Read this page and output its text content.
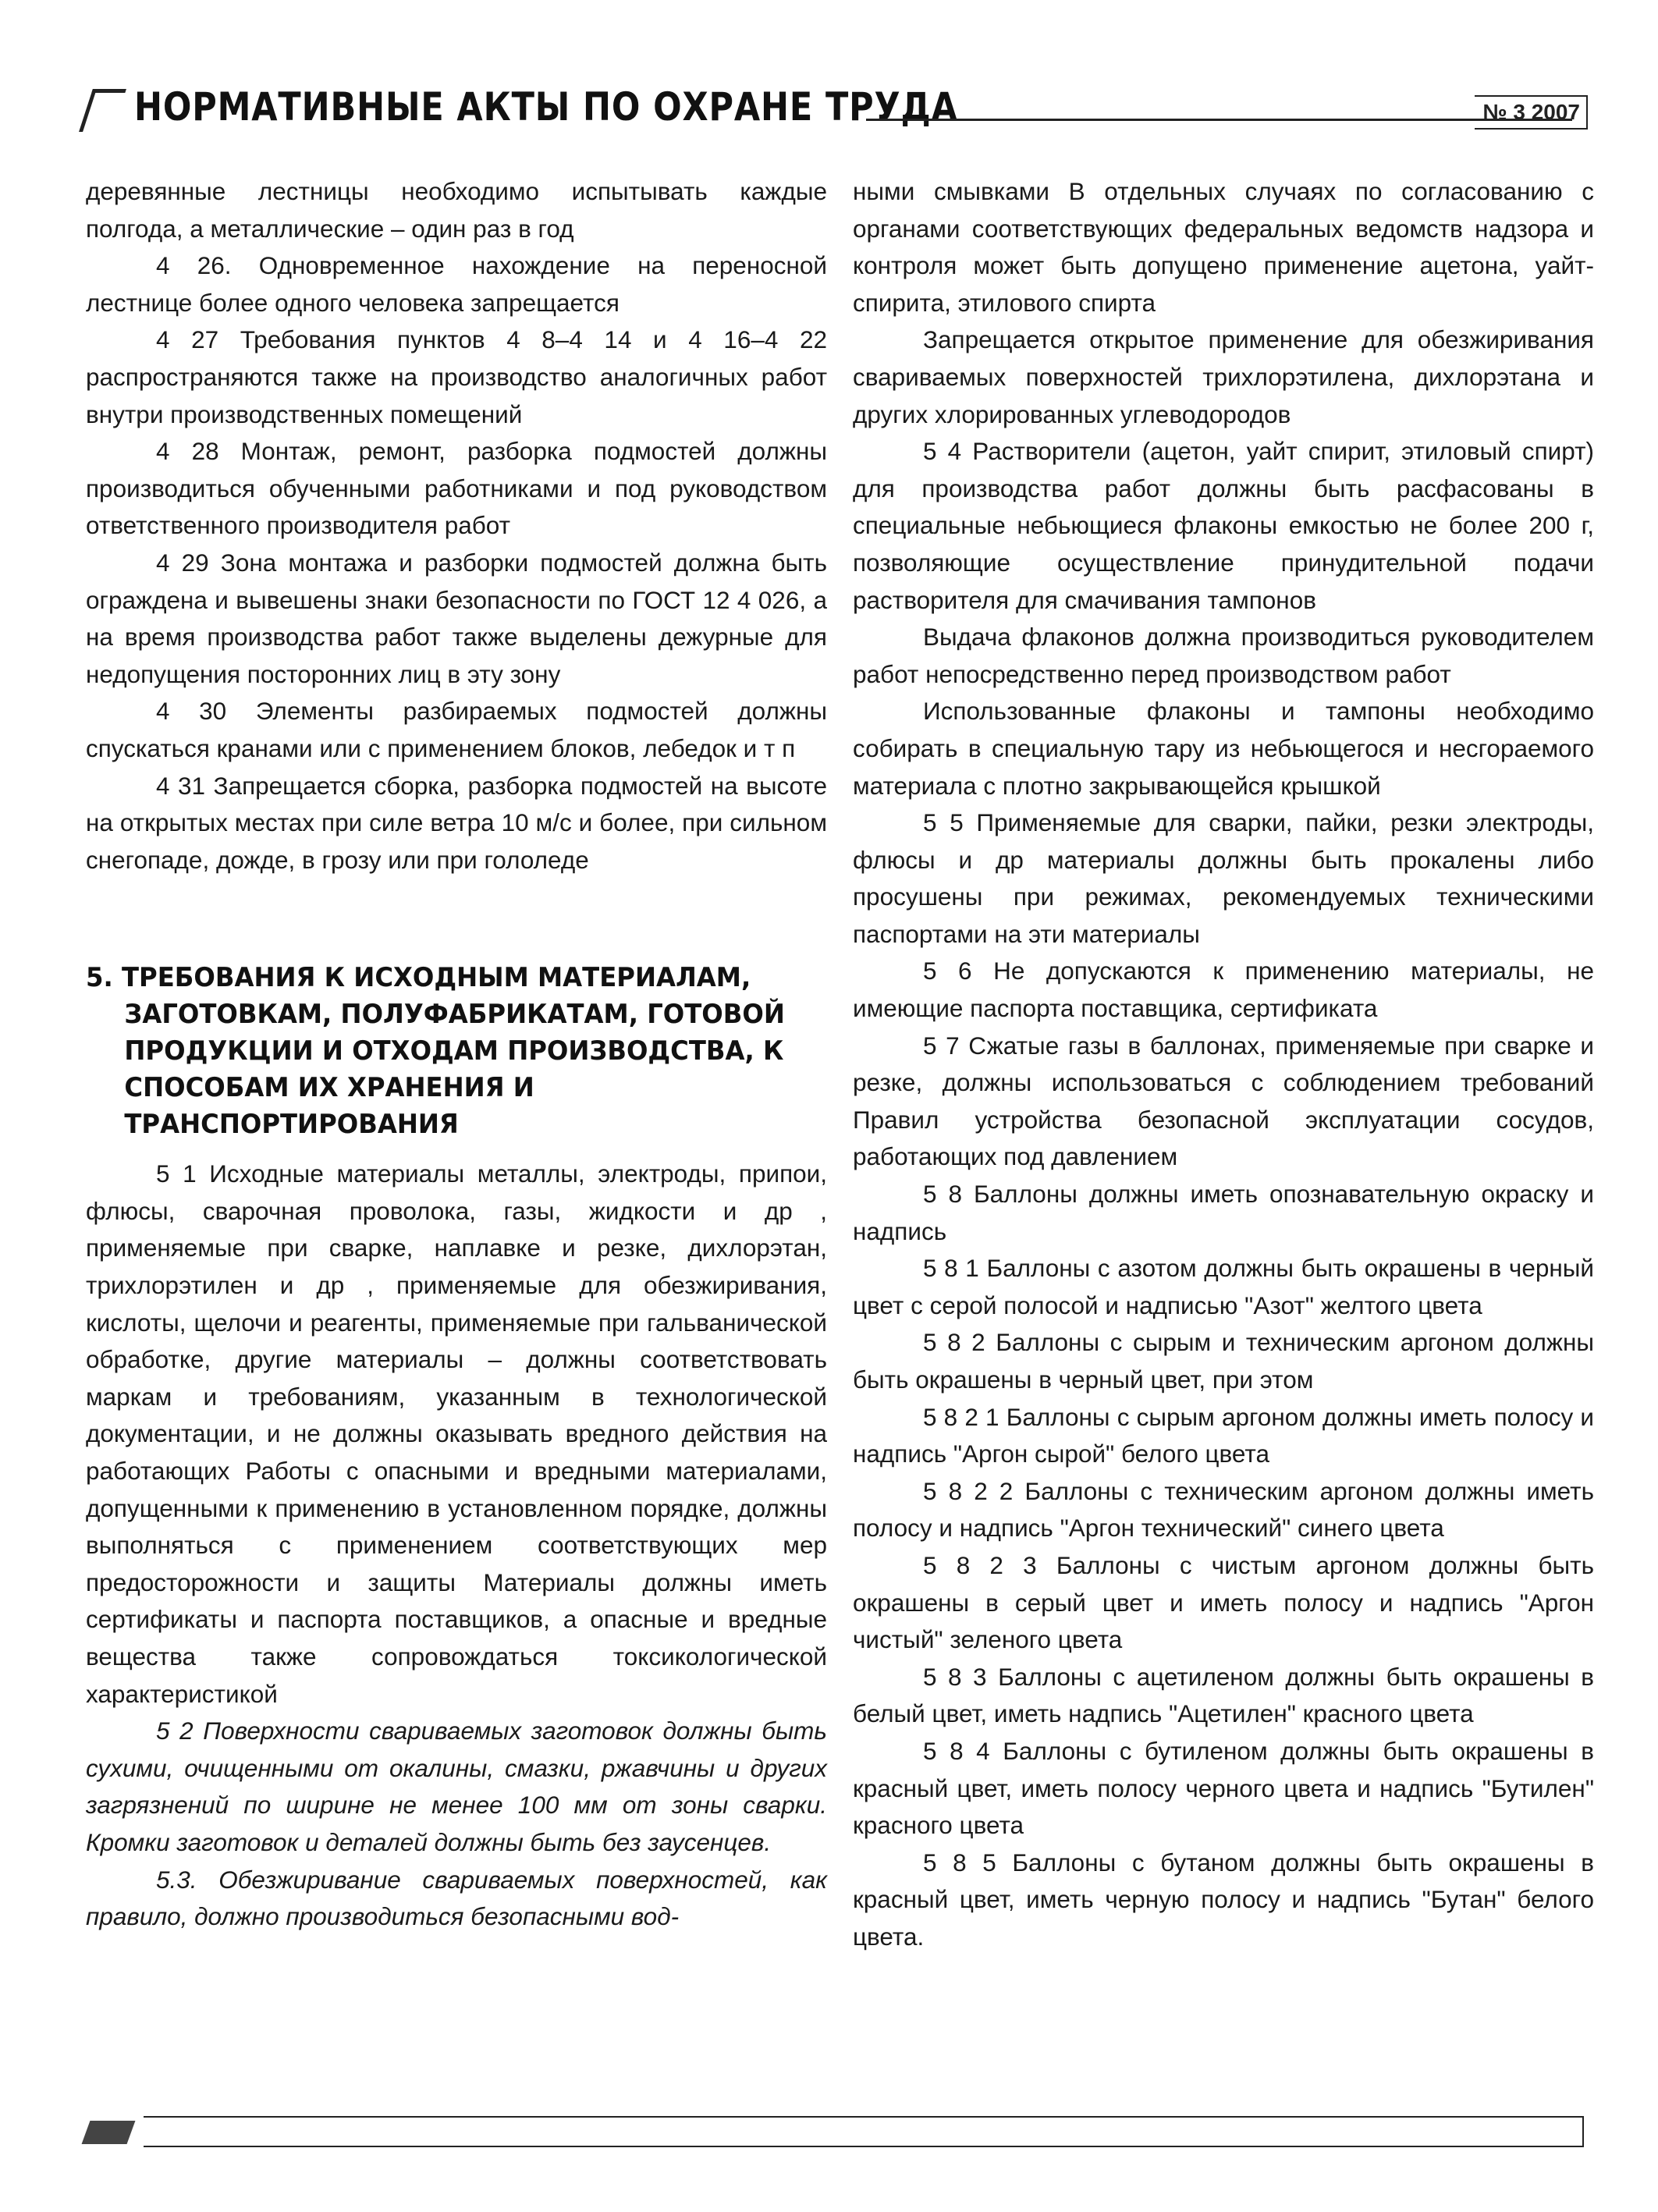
НОРМАТИВНЫЕ АКТЫ ПО ОХРАНЕ ТРУДА	№ 3 2007

деревянные лестницы необходимо испытывать каждые полгода, а металлические – один раз в год

4 26. Одновременное нахождение на переносной лестнице более одного человека запрещается

4 27 Требования пунктов 4 8–4 14 и 4 16–4 22 распространяются также на производство аналогичных работ внутри производственных помещений

4 28 Монтаж, ремонт, разборка подмостей должны производиться обученными работниками и под руководством ответственного производителя работ

4 29 Зона монтажа и разборки подмостей должна быть ограждена и вывешены знаки безопасности по ГОСТ 12 4 026, а на время производства работ также выделены дежурные для недопущения посторонних лиц в эту зону

4 30 Элементы разбираемых подмостей должны спускаться кранами или с применением блоков, лебедок и т п

4 31 Запрещается сборка, разборка подмостей на высоте на открытых местах при силе ветра 10 м/с и более, при сильном снегопаде, дожде, в грозу или при гололеде

5. ТРЕБОВАНИЯ К ИСХОДНЫМ МАТЕРИАЛАМ, ЗАГОТОВКАМ, ПОЛУФАБРИКАТАМ, ГОТОВОЙ ПРОДУКЦИИ И ОТХОДАМ ПРОИЗВОДСТВА, К СПОСОБАМ ИХ ХРАНЕНИЯ И ТРАНСПОРТИРОВАНИЯ

5 1 Исходные материалы металлы, электроды, припои, флюсы, сварочная проволока, газы, жидкости и др , применяемые при сварке, наплавке и резке, дихлорэтан, трихлорэтилен и др , применяемые для обезжиривания, кислоты, щелочи и реагенты, применяемые при гальванической обработке, другие материалы – должны соответствовать маркам и требованиям, указанным в технологической документации, и не должны оказывать вредного действия на работающих Работы с опасными и вредными материалами, допущенными к применению в установленном порядке, должны выполняться с применением соответствующих мер предосторожности и защиты Материалы должны иметь сертификаты и паспорта поставщиков, а опасные и вредные вещества также сопровождаться токсикологической характеристикой

5 2 Поверхности свариваемых заготовок должны быть сухими, очищенными от окалины, смазки, ржавчины и других загрязнений по ширине не менее 100 мм от зоны сварки. Кромки заготовок и деталей должны быть без заусенцев.

5.3. Обезжиривание свариваемых поверхностей, как правило, должно производиться безопасными вод-

ными смывками В отдельных случаях по согласованию с органами соответствующих федеральных ведомств надзора и контроля может быть допущено применение ацетона, уайт-спирита, этилового спирта

Запрещается открытое применение для обезжиривания свариваемых поверхностей трихлорэтилена, дихлорэтана и других хлорированных углеводородов

5 4 Растворители (ацетон, уайт спирит, этиловый спирт) для производства работ должны быть расфасованы в специальные небьющиеся флаконы емкостью не более 200 г, позволяющие осуществление принудительной подачи растворителя для смачивания тампонов

Выдача флаконов должна производиться руководителем работ непосредственно перед производством работ

Использованные флаконы и тампоны необходимо собирать в специальную тару из небьющегося и несгораемого материала с плотно закрывающейся крышкой

5 5 Применяемые для сварки, пайки, резки электроды, флюсы и др материалы должны быть прокалены либо просушены при режимах, рекомендуемых техническими паспортами на эти материалы

5 6 Не допускаются к применению материалы, не имеющие паспорта поставщика, сертификата

5 7 Сжатые газы в баллонах, применяемые при сварке и резке, должны использоваться с соблюдением требований Правил устройства безопасной эксплуатации сосудов, работающих под давлением

5 8 Баллоны должны иметь опознавательную окраску и надпись

5 8 1 Баллоны с азотом должны быть окрашены в черный цвет с серой полосой и надписью "Азот" желтого цвета

5 8 2 Баллоны с сырым и техническим аргоном должны быть окрашены в черный цвет, при этом

5 8 2 1 Баллоны с сырым аргоном должны иметь полосу и надпись "Аргон сырой" белого цвета

5 8 2 2 Баллоны с техническим аргоном должны иметь полосу и надпись "Аргон технический" синего цвета

5 8 2 3 Баллоны с чистым аргоном должны быть окрашены в серый цвет и иметь полосу и надпись "Аргон чистый" зеленого цвета

5 8 3 Баллоны с ацетиленом должны быть окрашены в белый цвет, иметь надпись "Ацетилен" красного цвета

5 8 4 Баллоны с бутиленом должны быть окрашены в красный цвет, иметь полосу черного цвета и надпись "Бутилен" красного цвета

5 8 5 Баллоны с бутаном должны быть окрашены в красный цвет, иметь черную полосу и надпись "Бутан" белого цвета.
